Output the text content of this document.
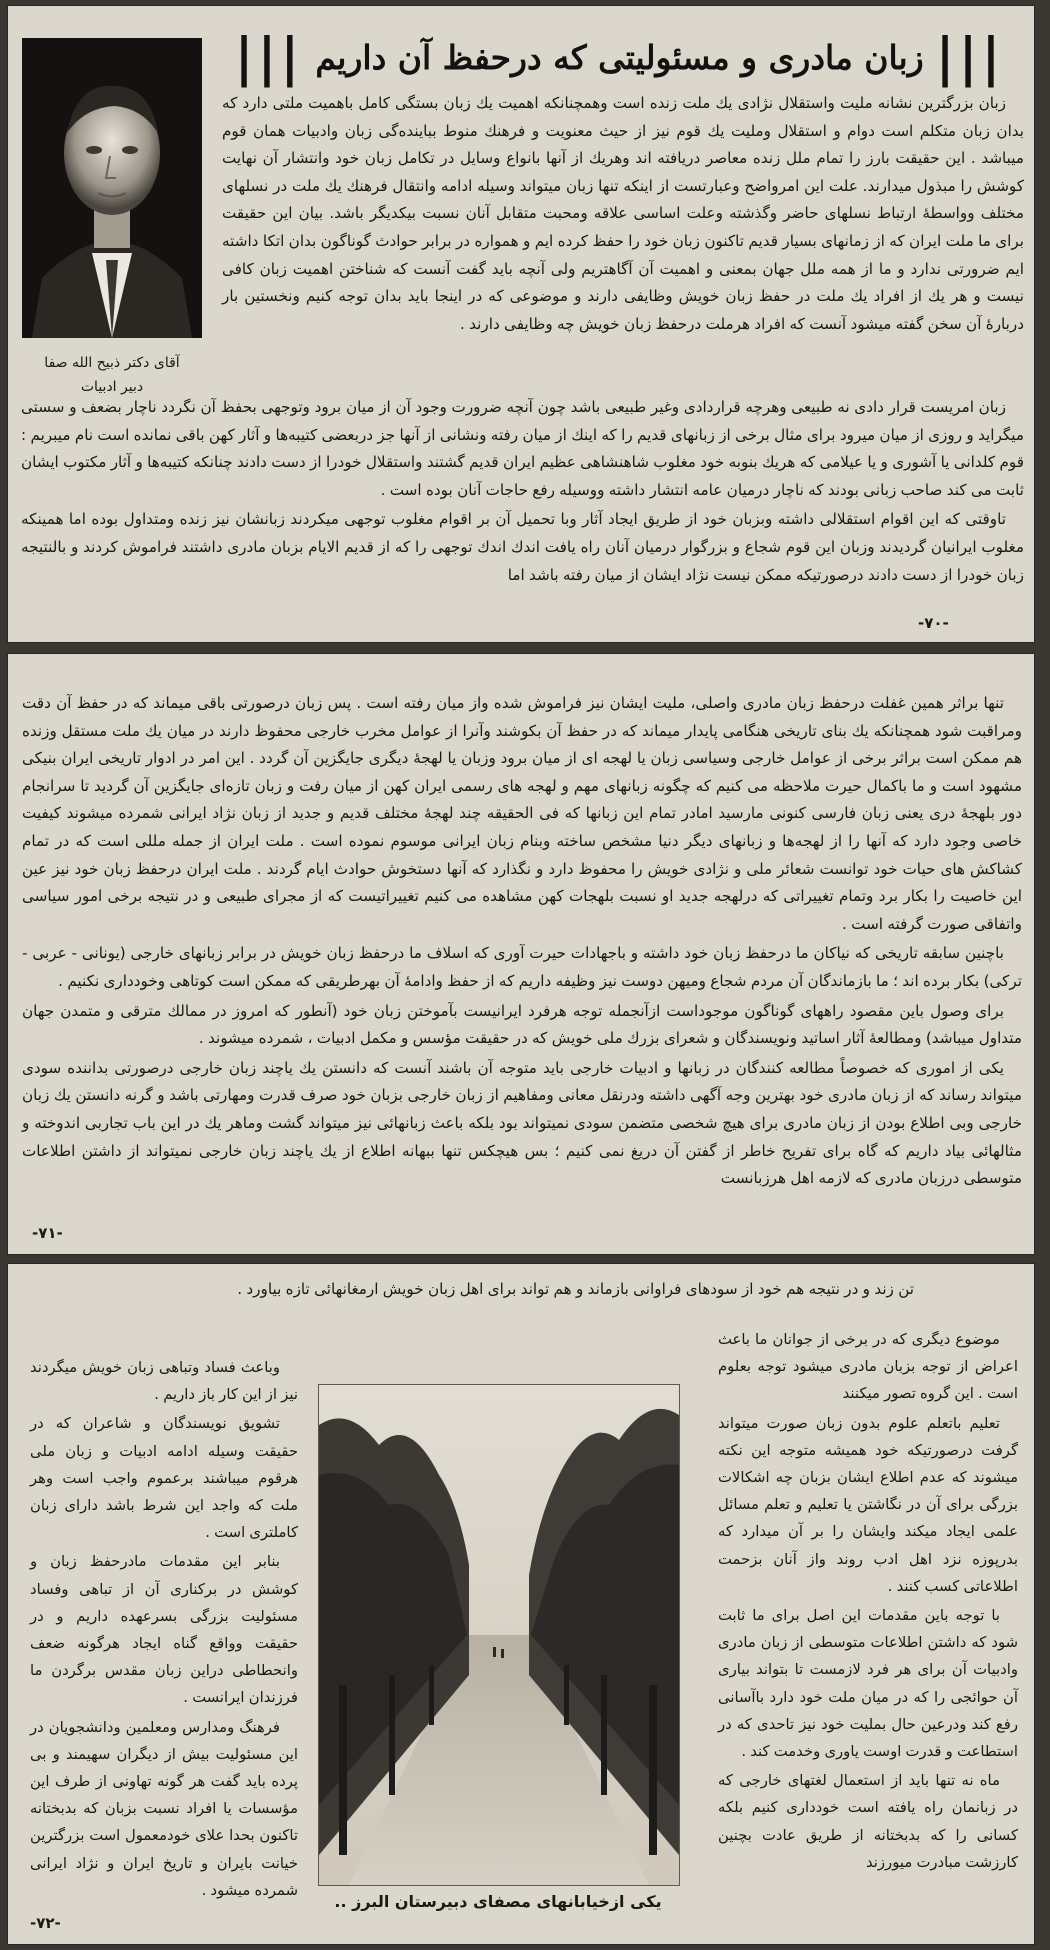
|||
زبان مادری و مسئولیتی که درحفظ آن داریم
|||
آقای دکتر ذبیح الله صفا
دبیر ادبیات

زبان بزرگترین نشانه ملیت واستقلال نژادی یك ملت زنده است وهمچنانکه اهمیت یك زبان بستگی كامل باهمیت ملتی دارد که بدان زبان متکلم است دوام و استقلال وملیت یك قوم نیز از حیث معنویت و فرهنك منوط بباینده‌گی زبان وادبیات همان قوم میباشد . این حقیقت بارز را تمام ملل زنده معاصر دریافته اند وهریك از آنها بانواع وسایل در تکامل زبان خود وانتشار آن نهایت کوشش را مبذول میدارند. علت این امرواضح وعبارتست از اینکه تنها زبان میتواند وسیله ادامه وانتقال فرهنك یك ملت در نسلهای مختلف وواسطهٔ ارتباط نسلهای حاضر وگذشته وعلت اساسی علاقه ومحبت متقابل آنان نسبت بیکدیگر باشد. بیان این حقیقت برای ما ملت ایران که از زمانهای بسیار قدیم تاکنون زبان خود را حفظ کرده ایم و همواره در برابر حوادث گوناگون بدان اتکا داشته ایم ضرورتی ندارد و ما از همه ملل جهان بمعنی و اهمیت آن آگاهتریم ولی آنچه باید گفت آنست که شناختن اهمیت زبان کافی نیست و هر یك از افراد یك ملت در حفظ زبان خویش وظایفی دارند و موضوعی که در اینجا باید بدان توجه کنیم ونخستین بار دربارهٔ آن سخن گفته میشود آنست که افراد هرملت درحفظ زبان خویش چه وظایفی دارند .

زبان امریست قرار دادی نه طبیعی وهرچه قراردادی وغیر طبیعی باشد چون آنچه ضرورت وجود آن از میان برود وتوجهی بحفظ آن نگردد ناچار بضعف و سستی میگراید و روزی از میان میرود برای مثال برخی از زبانهای قدیم را که اینك از میان رفته ونشانی از آنها جز دربعضی کتیبه‌ها و آثار کهن باقی نمانده است نام میبریم : قوم کلدانی یا آشوری و یا عیلامی که هریك بنوبه خود مغلوب شاهنشاهی عظیم ایران قدیم گشتند واستقلال خودرا از دست دادند چنانکه کتیبه‌ها و آثار مکتوب ایشان ثابت می کند صاحب زبانی بودند که ناچار درمیان عامه انتشار داشته ووسیله رفع حاجات آنان بوده است .

تاوقتی که این اقوام استقلالی داشته وبزبان خود از طریق ایجاد آثار وبا تحمیل آن بر اقوام مغلوب توجهی میکردند زبانشان نیز زنده ومتداول بوده اما همینکه مغلوب ایرانیان گردیدند وزبان این قوم شجاع و بزرگوار درمیان آنان راه یافت اندك اندك توجهی را که از قدیم الایام بزبان مادری داشتند فراموش کردند و بالنتیجه زبان خودرا از دست دادند درصورتیکه ممکن نیست نژاد ایشان از میان رفته باشد اما

-۷۰-

تنها براثر همین غفلت درحفظ زبان مادری واصلی، ملیت ایشان نیز فراموش شده واز میان رفته است . پس زبان درصورتی باقی میماند که در حفظ آن دقت ومراقبت شود همچنانکه یك بنای تاریخی هنگامی پایدار میماند که در حفظ آن بکوشند وآنرا از عوامل مخرب خارجی محفوظ دارند در میان یك ملت مستقل وزنده هم ممکن است براثر برخی از عوامل خارجی وسیاسی زبان یا لهجه ای از میان برود وزبان یا لهجهٔ دیگری جایگزین آن گردد . این امر در ادوار تاریخی ایران بنیکی مشهود است و ما باکمال حیرت ملاحظه می کنیم که چگونه زبانهای مهم و لهجه های رسمی ایران کهن از میان رفت و زبان تازه‌ای جایگزین آن گردید تا سرانجام دور بلهجهٔ دری یعنی زبان فارسی کنونی مارسید امادر تمام این زبانها که فی الحقیقه چند لهجهٔ مختلف قدیم و جدید از زبان نژاد ایرانی شمرده میشوند کیفیت خاصی وجود دارد که آنها را از لهجه‌ها و زبانهای دیگر دنیا مشخص ساخته وبنام زبان ایرانی موسوم نموده است . ملت ایران از جمله مللی است که در تمام کشاکش های حیات خود توانست شعائر ملی و نژادی خویش را محفوظ دارد و نگذارد که آنها دستخوش حوادث ایام گردند . ملت ایران درحفظ زبان خود نیز عین این خاصیت را بکار برد وتمام تغییراتی که درلهجه جدید او نسبت بلهجات کهن مشاهده می کنیم تغییراتیست که از مجرای طبیعی و در نتیجه برخی امور سیاسی واتفاقی صورت گرفته است .

باچنین سابقه تاریخی که نیاکان ما درحفظ زبان خود داشته و باجهادات حیرت آوری که اسلاف ما درحفظ زبان خویش در برابر زبانهای خارجی (یونانی - عربی - ترکی) بکار برده اند ؛ ما بازماندگان آن مردم شجاع ومیهن دوست نیز وظیفه داریم که از حفظ وادامهٔ آن بهرطریقی که ممکن است کوتاهی وخودداری نکنیم .

برای وصول باین مقصود راههای گوناگون موجوداست ازآنجمله توجه هرفرد ایرانیست بآموختن زبان خود (آنطور که امروز در ممالك مترقی و متمدن جهان متداول میباشد) ومطالعهٔ آثار اساتید ونویسندگان و شعرای بزرك ملی خویش که در حقیقت مؤسس و مکمل ادبیات ، شمرده میشوند .

یکی از اموری که خصوصاً مطالعه کنندگان در زبانها و ادبیات خارجی باید متوجه آن باشند آنست که دانستن یك یاچند زبان خارجی درصورتی بداننده سودی میتواند رساند که از زبان مادری خود بهترین وجه آگهی داشته ودرنقل معانی ومفاهیم از زبان خارجی بزبان خود صرف قدرت ومهارتی باشد و گرنه دانستن یك زبان خارجی وبی اطلاع بودن از زبان مادری برای هیچ شخصی متضمن سودی نمیتواند بود بلکه باعث زبانهائی نیز میتواند گشت وماهر یك در این باب تجاربی اندوخته و مثالهائی بیاد داریم که گاه برای تفریح خاطر از گفتن آن دریغ نمی کنیم ؛ بس هیچکس تنها ببهانه اطلاع از یك یاچند زبان خارجی نمیتواند از داشتن اطلاعات متوسطی درزبان مادری که لازمه اهل هرزبانست

-۷۱-

تن زند و در نتیجه هم خود از سودهای فراوانی بازماند و هم تواند برای اهل زبان خویش ارمغانهائی تازه بیاورد .

موضوع دیگری که در برخی از جوانان ما باعث اعراض از توجه بزبان مادری میشود توجه بعلوم است . این گروه تصور میکنند

تعلیم باتعلم علوم بدون زبان صورت میتواند گرفت درصورتیکه خود همیشه متوجه این نکته میشوند که عدم اطلاع ایشان بزبان چه اشکالات بزرگی برای آن در نگاشتن یا تعلیم و تعلم مسائل علمی ایجاد میکند وایشان را بر آن میدارد که بدرپوزه نزد اهل ادب روند واز آنان بزحمت اطلاعاتی کسب کنند .

با توجه باین مقدمات این اصل برای ما ثابت شود که داشتن اطلاعات متوسطی از زبان مادری وادبیات آن برای هر فرد لازمست تا بتواند بیاری آن حوائجی را که در میان ملت خود دارد باآسانی رفع کند ودرعین حال بملیت خود نیز تاحدی که در استطاعت و قدرت اوست یاوری وخدمت کند .

ماه نه تنها باید از استعمال لغتهای خارجی که در زبانمان راه یافته است خودداری کنیم بلکه کسانی را که بدبختانه از طریق عادت بچنین کارزشت مبادرت میورزند

وباعث فساد وتباهی زبان خویش میگردند نیز از این کار باز داریم .

تشویق نویسندگان و شاعران که در حقیقت وسیله ادامه ادبیات و زبان ملی هرقوم میباشند برعموم واجب است وهر ملت که واجد این شرط باشد دارای زبان کاملتری است .

بنابر این مقدمات مادرحفظ زبان و کوشش در برکناری آن از تباهی وفساد مسئولیت بزرگی بسرعهده داریم و در حقیقت وواقع گناه ایجاد هرگونه ضعف وانحطاطی دراین زبان مقدس برگردن ما فرزندان ایرانست .

فرهنگ ومدارس ومعلمین ودانشجویان در این مسئولیت بیش از دیگران سهیمند و بی پرده باید گفت هر گونه تهاونی از طرف این مؤسسات یا افراد نسبت بزبان که بدبختانه تاکنون بحدا علای خودمعمول است بزرگترین خیانت بایران و تاریخ ایران و نژاد ایرانی شمرده میشود .

یکی ازخیابانهای مصفای دبیرستان البرز ..
-۷۲-
